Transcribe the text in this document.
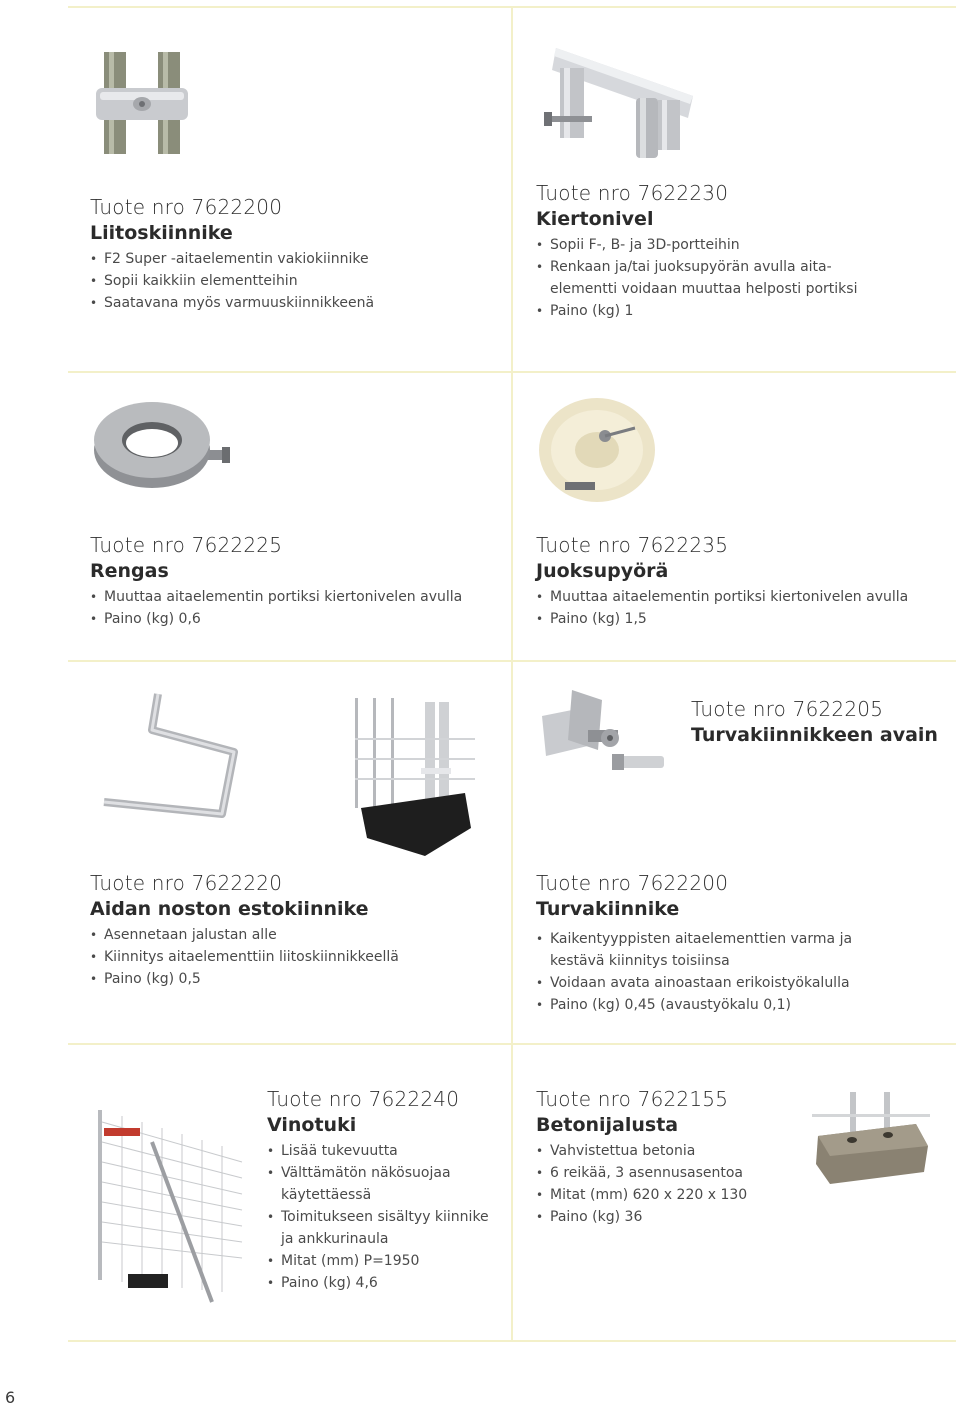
Tuote nro 7622200
Liitoskiinnike
• F2 Super -aitaelementin vakiokiinnike
• Sopii kaikkiin elementteihin
• Saatavana myös varmuuskiinnikkeenä
Tuote nro 7622230
Kiertonivel
• Sopii F-, B- ja 3D-portteihin
• Renkaan ja/tai juoksupyörän avulla aita-
elementti voidaan muuttaa helposti portiksi
• Paino (kg) 1
Tuote nro 7622225
Rengas
• Muuttaa aitaelementin portiksi kiertonivelen avulla
• Paino (kg) 0,6
Tuote nro 7622235
Juoksupyörä
• Muuttaa aitaelementin portiksi kiertonivelen avulla
• Paino (kg) 1,5
Tuote nro 7622205
Turvakiinnikkeen avain
Tuote nro 7622220
Aidan noston estokiinnike
• Asennetaan jalustan alle
• Kiinnitys aitaelementtiin liitoskiinnikkeellä
• Paino (kg) 0,5
Tuote nro 7622200
Turvakiinnike
• Kaikentyyppisten aitaelementtien varma ja
kestävä kiinnitys toisiinsa
• Voidaan avata ainoastaan erikoistyökalulla
• Paino (kg) 0,45 (avaustyökalu 0,1)
Tuote nro 7622240
Vinotuki
• Lisää tukevuutta
• Välttämätön näkösuojaa
käytettäessä
• Toimitukseen sisältyy kiinnike
ja ankkurinaula
• Mitat (mm) P=1950
• Paino (kg) 4,6
Tuote nro 7622155
Betonijalusta
• Vahvistettua betonia
• 6 reikää, 3 asennusasentoa
• Mitat (mm) 620 x 220 x 130
• Paino (kg) 36
6
